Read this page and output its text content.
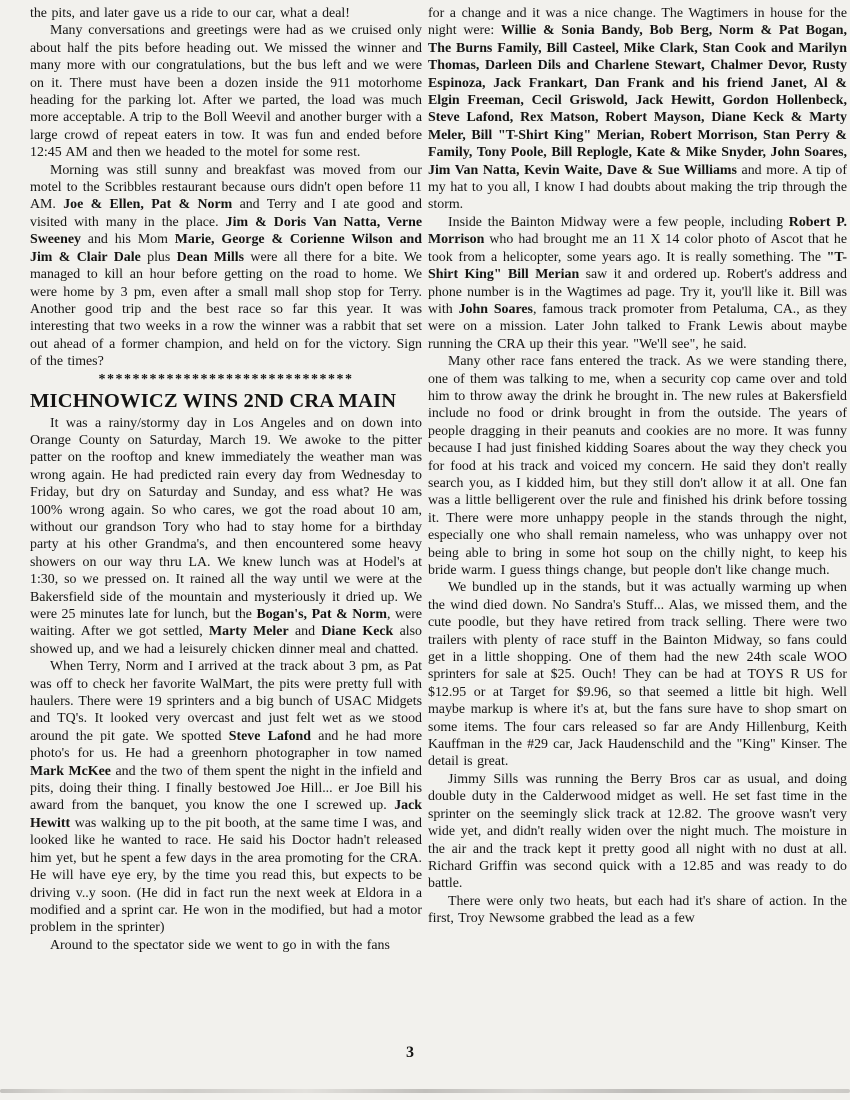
the pits, and later gave us a ride to our car, what a deal!

Many conversations and greetings were had as we cruised only about half the pits before heading out. We missed the winner and many more with our congratulations, but the bus left and we were on it. There must have been a dozen inside the 911 motorhome heading for the parking lot. After we parted, the load was much more acceptable. A trip to the Boll Weevil and another burger with a large crowd of repeat eaters in tow. It was fun and ended before 12:45 AM and then we headed to the motel for some rest.

Morning was still sunny and breakfast was moved from our motel to the Scribbles restaurant because ours didn't open before 11 AM. Joe & Ellen, Pat & Norm and Terry and I ate good and visited with many in the place. Jim & Doris Van Natta, Verne Sweeney and his Mom Marie, George & Corienne Wilson and Jim & Clair Dale plus Dean Mills were all there for a bite. We managed to kill an hour before getting on the road to home. We were home by 3 pm, even after a small mall shop stop for Terry. Another good trip and the best race so far this year. It was interesting that two weeks in a row the winner was a rabbit that set out ahead of a former champion, and held on for the victory. Sign of the times?

******************************
MICHNOWICZ WINS 2ND CRA MAIN

It was a rainy/stormy day in Los Angeles and on down into Orange County on Saturday, March 19. We awoke to the pitter patter on the rooftop and knew immediately the weather man was wrong again. He had predicted rain every day from Wednesday to Friday, but dry on Saturday and Sunday, and ess what? He was 100% wrong again. So who cares, we got the road about 10 am, without our grandson Tory who had to stay home for a birthday party at his other Grandma's, and then encountered some heavy showers on our way thru LA. We knew lunch was at Hodel's at 1:30, so we pressed on. It rained all the way until we were at the Bakersfield side of the mountain and mysteriously it dried up. We were 25 minutes late for lunch, but the Bogan's, Pat & Norm, were waiting. After we got settled, Marty Meler and Diane Keck also showed up, and we had a leisurely chicken dinner meal and chatted.

When Terry, Norm and I arrived at the track about 3 pm, as Pat was off to check her favorite WalMart, the pits were pretty full with haulers. There were 19 sprinters and a big bunch of USAC Midgets and TQ's. It looked very overcast and just felt wet as we stood around the pit gate. We spotted Steve Lafond and he had more photo's for us. He had a greenhorn photographer in tow named Mark McKee and the two of them spent the night in the infield and pits, doing their thing. I finally bestowed Joe Hill... er Joe Bill his award from the banquet, you know the one I screwed up. Jack Hewitt was walking up to the pit booth, at the same time I was, and looked like he wanted to race. He said his Doctor hadn't released him yet, but he spent a few days in the area promoting for the CRA. He will have eye ery, by the time you read this, but expects to be driving v..y soon. (He did in fact run the next week at Eldora in a modified and a sprint car. He won in the modified, but had a motor problem in the sprinter)

Around to the spectator side we went to go in with the fans

for a change and it was a nice change. The Wagtimers in house for the night were: Willie & Sonia Bandy, Bob Berg, Norm & Pat Bogan, The Burns Family, Bill Casteel, Mike Clark, Stan Cook and Marilyn Thomas, Darleen Dils and Charlene Stewart, Chalmer Devor, Rusty Espinoza, Jack Frankart, Dan Frank and his friend Janet, Al & Elgin Freeman, Cecil Griswold, Jack Hewitt, Gordon Hollenbeck, Steve Lafond, Rex Matson, Robert Mayson, Diane Keck & Marty Meler, Bill "T-Shirt King" Merian, Robert Morrison, Stan Perry & Family, Tony Poole, Bill Replogle, Kate & Mike Snyder, John Soares, Jim Van Natta, Kevin Waite, Dave & Sue Williams and more. A tip of my hat to you all, I know I had doubts about making the trip through the storm.

Inside the Bainton Midway were a few people, including Robert P. Morrison who had brought me an 11 X 14 color photo of Ascot that he took from a helicopter, some years ago. It is really something. The "T-Shirt King" Bill Merian saw it and ordered up. Robert's address and phone number is in the Wagtimes ad page. Try it, you'll like it. Bill was with John Soares, famous track promoter from Petaluma, CA., as they were on a mission. Later John talked to Frank Lewis about maybe running the CRA up their this year. "We'll see", he said.

Many other race fans entered the track. As we were standing there, one of them was talking to me, when a security cop came over and told him to throw away the drink he brought in. The new rules at Bakersfield include no food or drink brought in from the outside. The years of people dragging in their peanuts and cookies are no more. It was funny because I had just finished kidding Soares about the way they check you for food at his track and voiced my concern. He said they don't really search you, as I kidded him, but they still don't allow it at all. One fan was a little belligerent over the rule and finished his drink before tossing it. There were more unhappy people in the stands through the night, especially one who shall remain nameless, who was unhappy over not being able to bring in some hot soup on the chilly night, to keep his bride warm. I guess things change, but people don't like change much.

We bundled up in the stands, but it was actually warming up when the wind died down. No Sandra's Stuff... Alas, we missed them, and the cute poodle, but they have retired from track selling. There were two trailers with plenty of race stuff in the Bainton Midway, so fans could get in a little shopping. One of them had the new 24th scale WOO sprinters for sale at $25. Ouch! They can be had at TOYS R US for $12.95 or at Target for $9.96, so that seemed a little bit high. Well maybe markup is where it's at, but the fans sure have to shop smart on some items. The four cars released so far are Andy Hillenburg, Keith Kauffman in the #29 car, Jack Haudenschild and the "King" Kinser. The detail is great.

Jimmy Sills was running the Berry Bros car as usual, and doing double duty in the Calderwood midget as well. He set fast time in the sprinter on the seemingly slick track at 12.82. The groove wasn't very wide yet, and didn't really widen over the night much. The moisture in the air and the track kept it pretty good all night with no dust at all. Richard Griffin was second quick with a 12.85 and was ready to do battle.

There were only two heats, but each had it's share of action. In the first, Troy Newsome grabbed the lead as a few

3
